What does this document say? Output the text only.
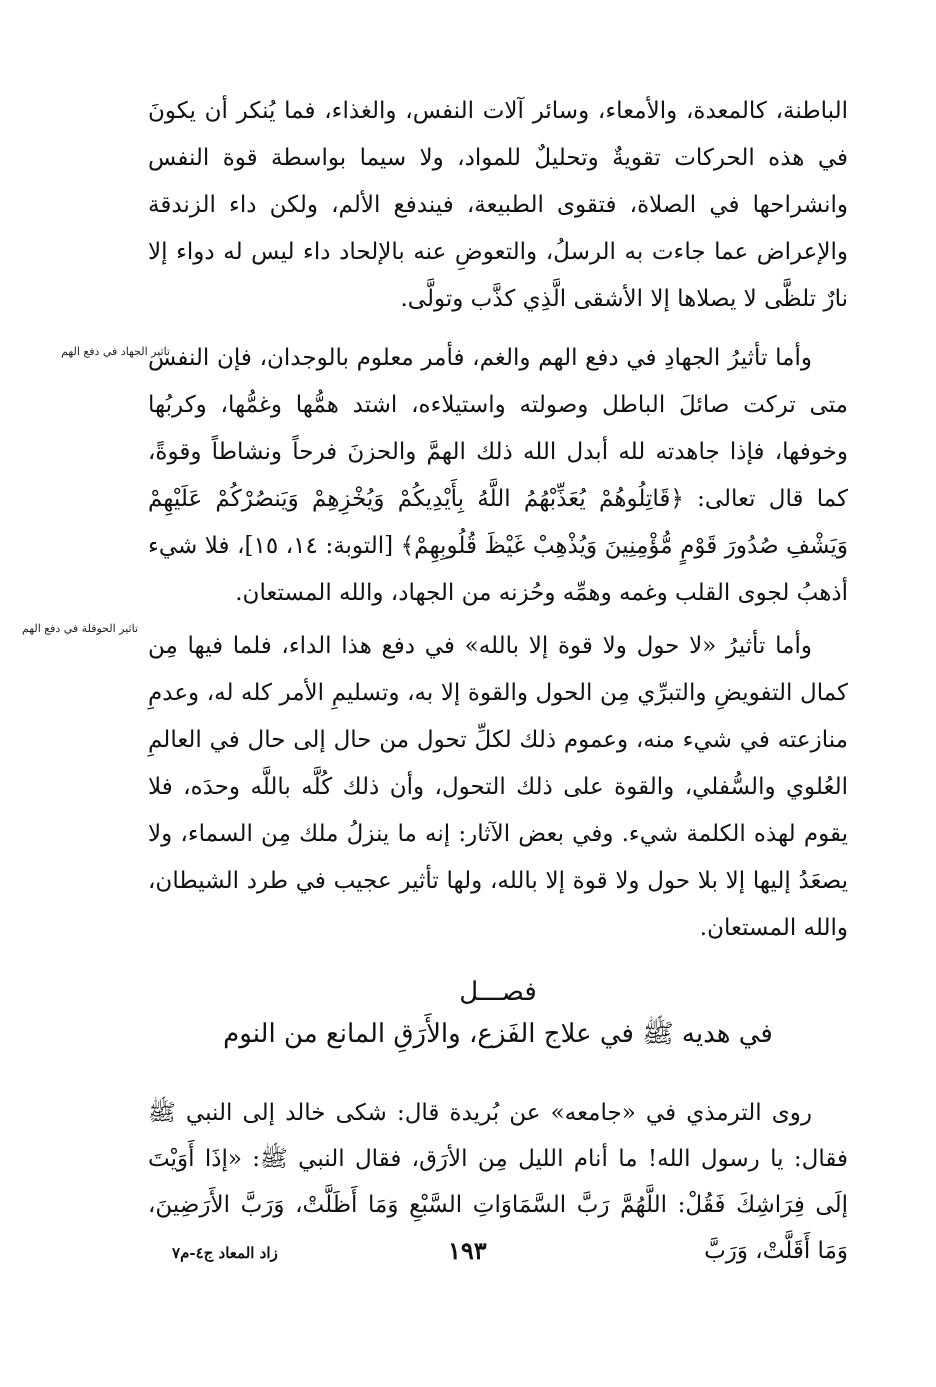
الباطنة، كالمعدة، والأمعاء، وسائر آلات النفس، والغذاء، فما يُنكر أن يكونَ في هذه الحركات تقويةٌ وتحليلٌ للمواد، ولا سيما بواسطة قوة النفس وانشراحها في الصلاة، فتقوى الطبيعة، فيندفع الألم، ولكن داء الزندقة والإعراض عما جاءت به الرسلُ، والتعوضِ عنه بالإلحاد داء ليس له دواء إلا نارٌ تلظَّى لا يصلاها إلا الأشقى الَّذِي كذَّب وتولَّى.

وأما تأثيرُ الجهادِ في دفع الهم والغم، فأمر معلوم بالوجدان، فإن النفس متى تركت صائلَ الباطل وصولته واستيلاءه، اشتد همُّها وغمُّها، وكربُها وخوفها، فإذا جاهدته لله أبدل الله ذلك الهمَّ والحزنَ فرحاً ونشاطاً وقوةً، كما قال تعالى: ﴿قَاتِلُوهُمْ يُعَذِّبْهُمُ اللَّهُ بِأَيْدِيكُمْ وَيُخْزِهِمْ وَيَنصُرْكُمْ عَلَيْهِمْ وَيَشْفِ صُدُورَ قَوْمٍ مُّؤْمِنِينَ وَيُذْهِبْ غَيْظَ قُلُوبِهِمْ﴾ [التوبة: ١٤، ١٥]، فلا شيء أذهبُ لجوى القلب وغمه وهمِّه وحُزنه من الجهاد، والله المستعان.

وأما تأثيرُ «لا حول ولا قوة إلا بالله» في دفع هذا الداء، فلما فيها مِن كمال التفويضِ والتبرِّي مِن الحول والقوة إلا به، وتسليمِ الأمر كله له، وعدمِ منازعته في شيء منه، وعموم ذلك لكلِّ تحول من حال إلى حال في العالمِ العُلوي والسُّفلي، والقوة على ذلك التحول، وأن ذلك كُلَّه باللَّه وحدَه، فلا يقوم لهذه الكلمة شيء. وفي بعض الآثار: إنه ما ينزلُ ملك مِن السماء، ولا يصعَدُ إليها إلا بلا حول ولا قوة إلا بالله، ولها تأثير عجيب في طرد الشيطان، والله المستعان.

تاثير الجهاد في دفع الهم
تاثير الحوقلة في دفع الهم
فصـــل
في هديه ﷺ في علاج الفَزع، والأَرَقِ المانع من النوم

روى الترمذي في «جامعه» عن بُريدة قال: شكى خالد إلى النبي ﷺ فقال: يا رسول الله! ما أنام الليل مِن الأرَق، فقال النبي ﷺ: «إذَا أَوَيْتَ إلَى فِرَاشِكَ فَقُلْ: اللَّهُمَّ رَبَّ السَّمَاوَاتِ السَّبْعِ وَمَا أَظَلَّتْ، وَرَبَّ الأَرَضِينَ، وَمَا أَقَلَّتْ، وَرَبَّ

زاد المعاد ج٤-م٧	١٩٣
